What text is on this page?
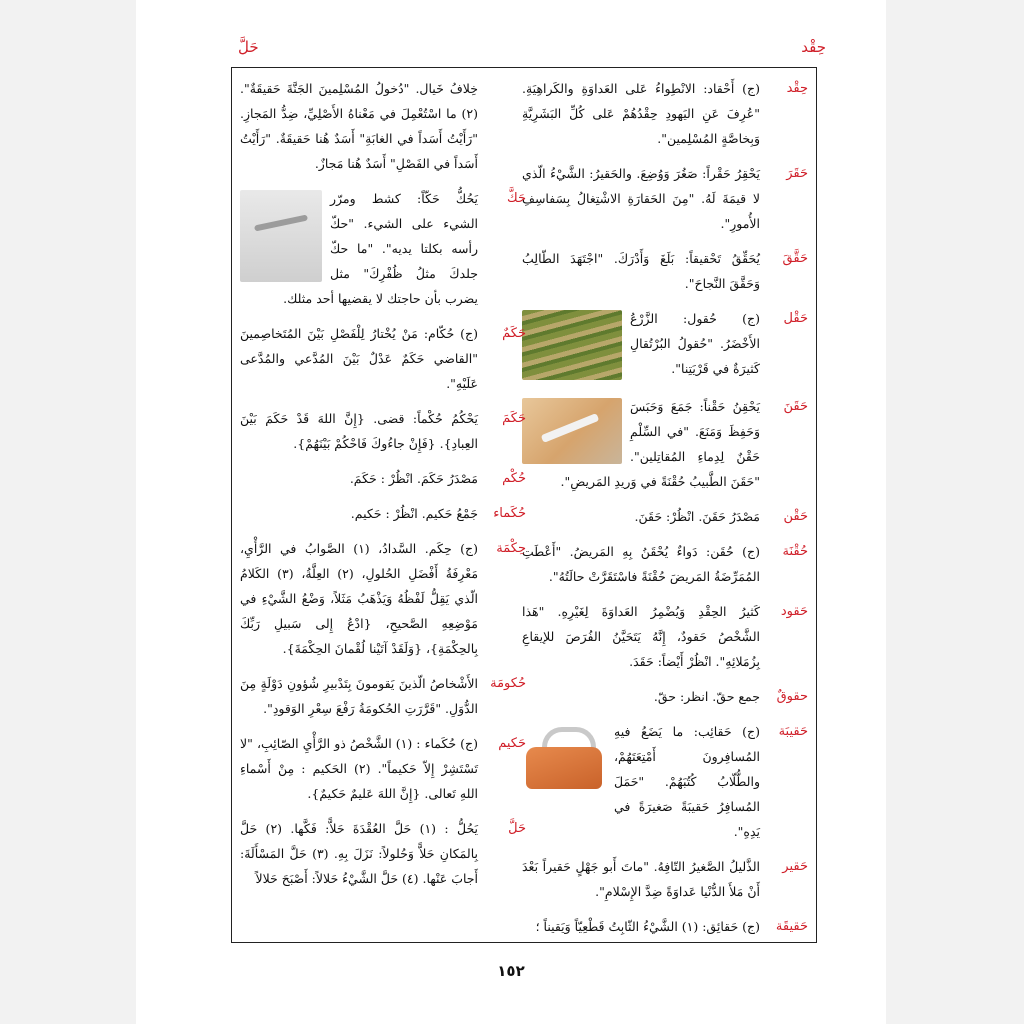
حِقْد
حَلَّ
حِقْد
(ج) أَحْقاد: الانْطِواءُ عَلى العَداوَةِ والكَراهِيَةِ. "عُرِفَ عَنِ اليَهودِ حِقْدُهُمْ عَلى كُلِّ البَشَرِيَّةِ وَبِخاصَّةٍ المُسْلِمين".
حَقَرَ
يَحْقِرُ حَقْراً: صَغُرَ وَوُضِعَ. والحَقيرُ: الشَّيْءُ الّذي لا قيمَةَ لَهُ. "مِنَ الحَقارَةِ الاشْتِغالُ بِسَفاسِفِ الأُمورِ".
حَقَّقَ
يُحَقِّقُ تَحْقيقاً: بَلَغَ وَأَدْرَكَ. "اجْتَهَدَ الطّالِبُ وَحَقَّقَ النَّجاحَ".
حَقْل
(ج) حُقول: الزَّرْعُ الأَخْضَرُ. "حُقولُ البُرْتُقالِ كَثيرَةٌ في قَرْيَتِنا".
حَقَنَ
يَحْقِنُ حَقْناً: جَمَعَ وَحَبَسَ وَحَفِظَ وَمَنَعَ. "في السِّلْمِ حَقْنٌ لِدِماءِ المُقاتِلين". "حَقَنَ الطَّبيبُ حُقْنَةً في وَريدِ المَريضِ".
حَقْن
مَصْدَرُ حَقَنَ. انْظُرْ: حَقَنَ.
حُقْنَة
(ج) حُقَن: دَواءٌ يُحْقَنُ بِهِ المَريضُ. "أَعْطَتِ المُمَرِّضَةُ المَريضَ حُقْنَةً فاسْتَقَرَّتْ حالَتُهُ".
حَقود
كَثيرُ الحِقْدِ وَيُضْمِرُ العَداوَةَ لِغَيْرِهِ. "هَذا الشَّخْصُ حَقودٌ، إِنَّهُ يَتَحَيَّنُ الفُرَصَ للإيقاعِ بِزُمَلائِهِ". انْظُرْ أَيْضاً: حَقَدَ.
حقوقٌ
جمع حقّ. انظر: حقّ.
حَقيبَة
(ج) حَقائِب: ما يَضَعُ فيهِ المُسافِرونَ أَمْتِعَتَهُمْ، والطُّلّابُ كُتُبَهُمْ. "حَمَلَ المُسافِرُ حَقيبَةً صَغيرَةً في يَدِهِ".
حَقير
الذَّليلُ الصَّغيرُ التّافِهُ. "ماتَ أَبو جَهْلٍ حَقيراً بَعْدَ أَنْ مَلأَ الدُّنْيا عَداوَةً ضِدَّ الإِسْلامِ".
حَقيقَة
(ج) حَقائِق: (١) الشَّيْءُ الثّابِتُ قَطْعِيّاً وَيَقيناً ؛
خِلافُ خَيال. "دُخولُ المُسْلِمينَ الجَنَّةَ حَقيقَةٌ". (٢) ما اسْتُعْمِلَ في مَعْناهُ الأَصْلِيِّ، ضِدُّ المَجازِ. "رَأَيْتُ أَسَداً في الغابَةِ" أَسَدٌ هُنا حَقيقَةٌ. "رَأَيْتُ أَسَداً في الفَصْلِ" أَسَدٌ هُنا مَجازٌ.
حَكَّ
يَحُكُّ حَكّاً: كشط ومرّر الشيء على الشيء. "حكّ رأسه بكلتا يديه". "ما حكّ جلدكَ مثلُ ظُفْرِكَ" مثل يضرب بأن حاجتك لا يقضيها أحد مثلك.
حَكَمٌ
(ج) حُكّام: مَنْ يُخْتارُ لِلْفَصْلِ بَيْنَ المُتَخاصِمينَ "القاضي حَكَمٌ عَدْلٌ بَيْنَ المُدَّعي والمُدَّعى عَلَيْهِ".
حَكَمَ
يَحْكُمُ حُكْماً: قضى. {إِنَّ اللهَ قَدْ حَكَمَ بَيْنَ العِبادِ}. {فَإِنْ جاءُوكَ فَاحْكُمْ بَيْنَهُمْ}.
حُكْم
مَصْدَرُ حَكَمَ. انْظُرْ : حَكَمَ.
حُكَماء
جَمْعُ حَكيم. انْظُرْ : حَكيم.
حِكْمَة
(ج) حِكَم. السَّدادُ، (١) الصَّوابُ في الرَّأْيِ، مَعْرِفَةُ أَفْضَلِ الحُلولِ، (٢) العِلَّةُ، (٣) الكَلامُ الّذي يَقِلُّ لَفْظُهُ وَيَذْهَبُ مَثَلاً، وَضْعُ الشَّيْءِ في مَوْضِعِهِ الصَّحيحِ، {ادْعُ إِلى سَبيلِ رَبِّكَ بِالحِكْمَةِ}، {وَلَقَدْ آتَيْنا لُقْمانَ الحِكْمَةَ}.
حُكومَة
الأَشْخاصُ الّذينَ يَقومونَ بِتَدْبيرِ شُؤونِ دَوْلَةٍ مِنَ الدُّوَلِ. "قَرَّرَتِ الحُكومَةُ رَفْعَ سِعْرِ الوَقودِ".
حَكيم
(ج) حُكَماء : (١) الشَّخْصُ ذو الرَّأْيِ الصّائِبِ، "لا تَسْتَشِرْ إِلاّ حَكيماً". (٢) الحَكيم : مِنْ أَسْماءِ اللهِ تَعالى. {إِنَّ اللهَ عَليمٌ حَكيمٌ}.
حَلَّ
يَحُلُّ : (١) حَلَّ العُقْدَةَ حَلاًّ: فَكَّها. (٢) حَلَّ بِالمَكانِ حَلاًّ وَحُلولاً: نَزَلَ بِهِ. (٣) حَلَّ المَسْأَلَةَ: أَجابَ عَنْها. (٤) حَلَّ الشَّيْءُ حَلالاً: أَصْبَحَ حَلالاً
١٥٢
